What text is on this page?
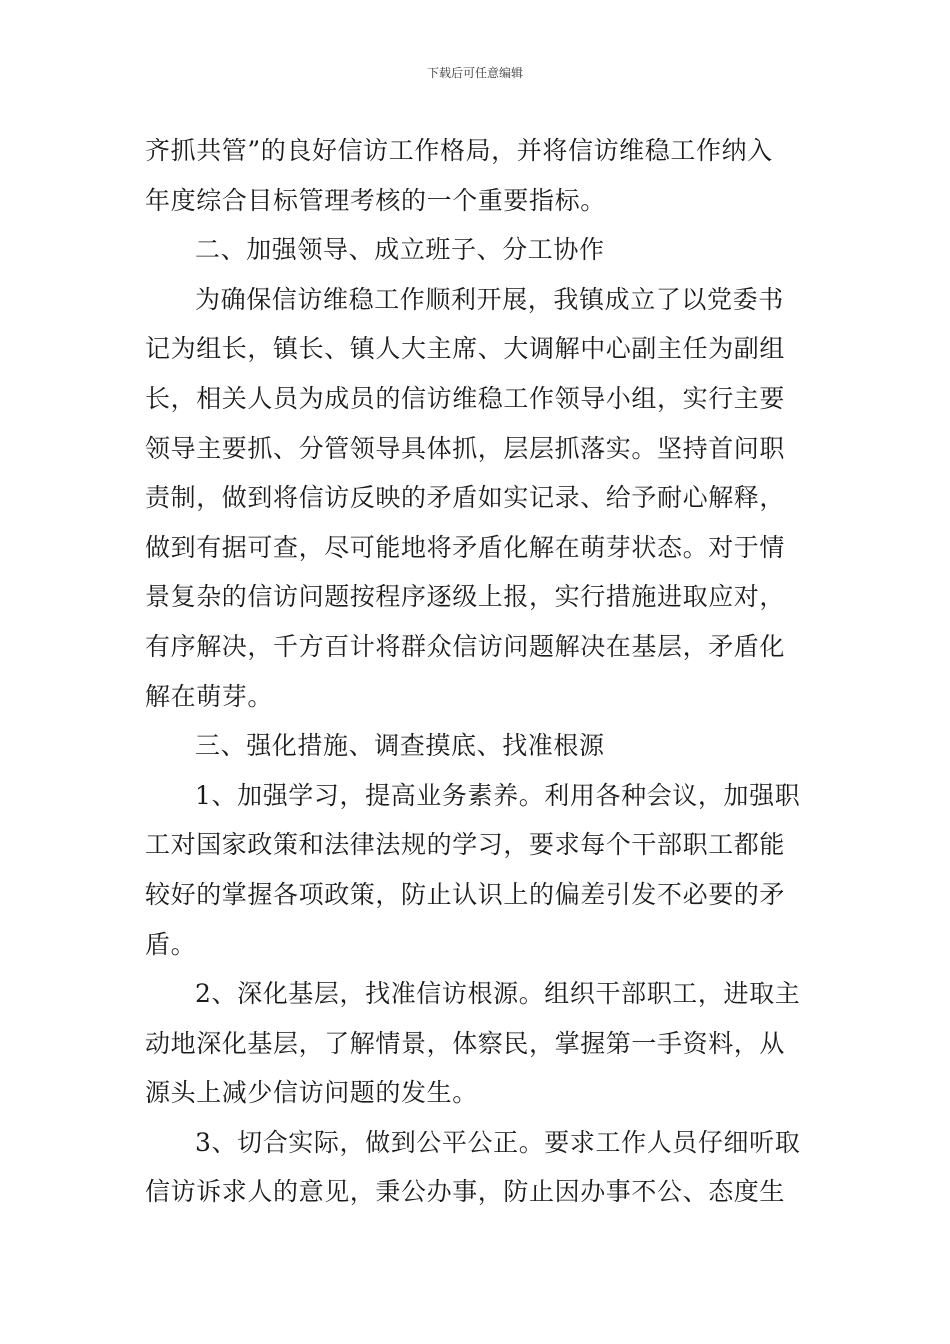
下载后可任意编辑
齐抓共管”的良好信访工作格局，并将信访维稳工作纳入
年度综合目标管理考核的一个重要指标。
二、加强领导、成立班子、分工协作
为确保信访维稳工作顺利开展，我镇成立了以党委书
记为组长，镇长、镇人大主席、大调解中心副主任为副组
长，相关人员为成员的信访维稳工作领导小组，实行主要
领导主要抓、分管领导具体抓，层层抓落实。坚持首问职
责制，做到将信访反映的矛盾如实记录、给予耐心解释，
做到有据可查，尽可能地将矛盾化解在萌芽状态。对于情
景复杂的信访问题按程序逐级上报，实行措施进取应对，
有序解决，千方百计将群众信访问题解决在基层，矛盾化
解在萌芽。
三、强化措施、调查摸底、找准根源
1、加强学习，提高业务素养。利用各种会议，加强职
工对国家政策和法律法规的学习，要求每个干部职工都能
较好的掌握各项政策，防止认识上的偏差引发不必要的矛
盾。
2、深化基层，找准信访根源。组织干部职工，进取主
动地深化基层，了解情景，体察民，掌握第一手资料，从
源头上减少信访问题的发生。
3、切合实际，做到公平公正。要求工作人员仔细听取
信访诉求人的意见，秉公办事，防止因办事不公、态度生
